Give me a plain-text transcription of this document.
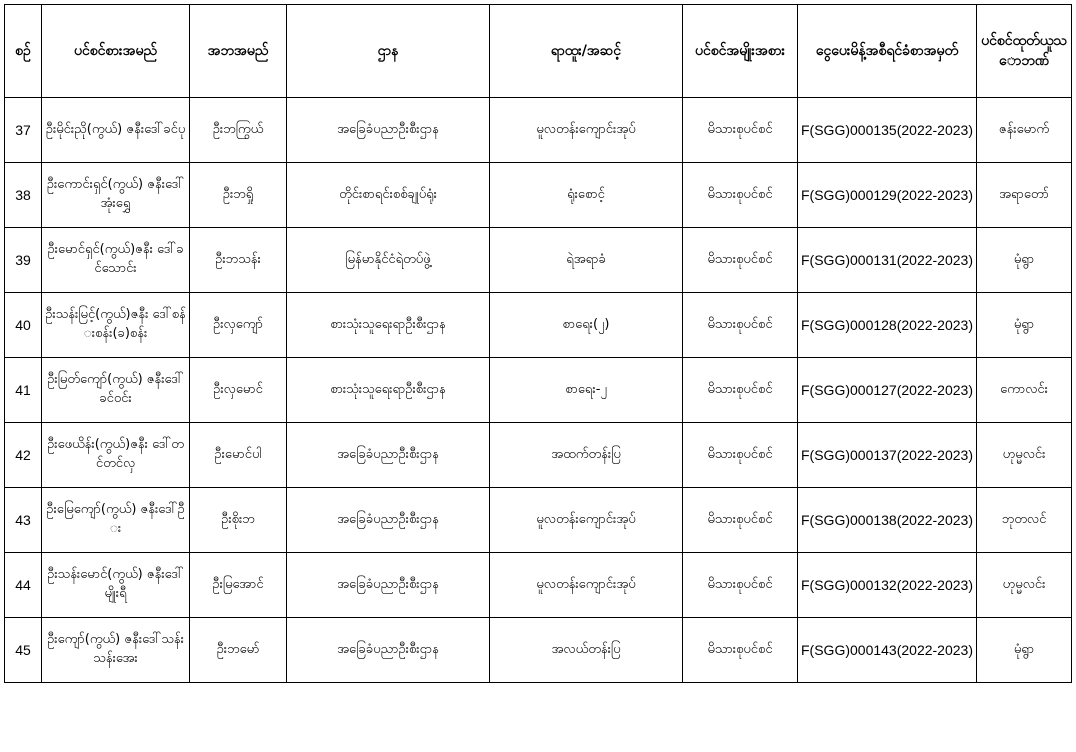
စဉ်	ပင်စင်စားအမည်	အဘအမည်	ဌာန	ရာထူး/အဆင့်	ပင်စင်အမျိုးအစား	ငွေပေးမိန့်အစီရင်ခံစာအမှတ်	ပင်စင်ထုတ်ယူသောဘဏ်
37	ဦးမိုင်းညို(ကွယ်) ဇနီးဒေါ်ခင်ပု	ဦးဘကြွယ်	အခြေခံပညာဦးစီးဌာန	မူလတန်းကျောင်းအုပ်	မိသားစုပင်စင်	F(SGG)000135(2022-2023)	ဇန်းမောက်
38	ဦးကောင်းရှင်(ကွယ်) ဇနီးဒေါ်အုံးရွှေ	ဦးဘရှို	တိုင်းစာရင်းစစ်ချုပ်ရုံး	ရုံးစောင့်	မိသားစုပင်စင်	F(SGG)000129(2022-2023)	အရာတော်
39	ဦးမောင်ရှင်(ကွယ်)ဇနီး ဒေါ်ခင်သောင်း	ဦးဘသန်း	မြန်မာနိုင်ငံရဲတပ်ဖွဲ့	ရဲအရာခံ	မိသားစုပင်စင်	F(SGG)000131(2022-2023)	မုံရွာ
40	ဦးသန်းမြင့်(ကွယ်)ဇနီး ဒေါ်စန်းစန်း(ခ)စန်း	ဦးလှကျော်	စားသုံးသူရေးရာဦးစီးဌာန	စာရေး(၂)	မိသားစုပင်စင်	F(SGG)000128(2022-2023)	မုံရွာ
41	ဦးမြတ်ကျော်(ကွယ်) ဇနီးဒေါ်ခင်ဝင်း	ဦးလှမောင်	စားသုံးသူရေးရာဦးစီးဌာန	စာရေး-၂	မိသားစုပင်စင်	F(SGG)000127(2022-2023)	ကောလင်း
42	ဦးဖေယိန်း(ကွယ်)ဇနီး ဒေါ်တင်တင်လှ	ဦးမောင်ပါ	အခြေခံပညာဦးစီးဌာန	အထက်တန်းပြ	မိသားစုပင်စင်	F(SGG)000137(2022-2023)	ဟုမ္မလင်း
43	ဦးမြေကျော်(ကွယ်) ဇနီးဒေါ်ဦး	ဦးစိုးဘ	အခြေခံပညာဦးစီးဌာန	မူလတန်းကျောင်းအုပ်	မိသားစုပင်စင်	F(SGG)000138(2022-2023)	ဘုတလင်
44	ဦးသန်းမောင်(ကွယ်) ဇနီးဒေါ်မျိုးရီ	ဦးမြအောင်	အခြေခံပညာဦးစီးဌာန	မူလတန်းကျောင်းအုပ်	မိသားစုပင်စင်	F(SGG)000132(2022-2023)	ဟုမ္မလင်း
45	ဦးကျော်(ကွယ်) ဇနီးဒေါ်သန်းသန်းအေး	ဦးဘမော်	အခြေခံပညာဦးစီးဌာန	အလယ်တန်းပြ	မိသားစုပင်စင်	F(SGG)000143(2022-2023)	မုံရွာ
